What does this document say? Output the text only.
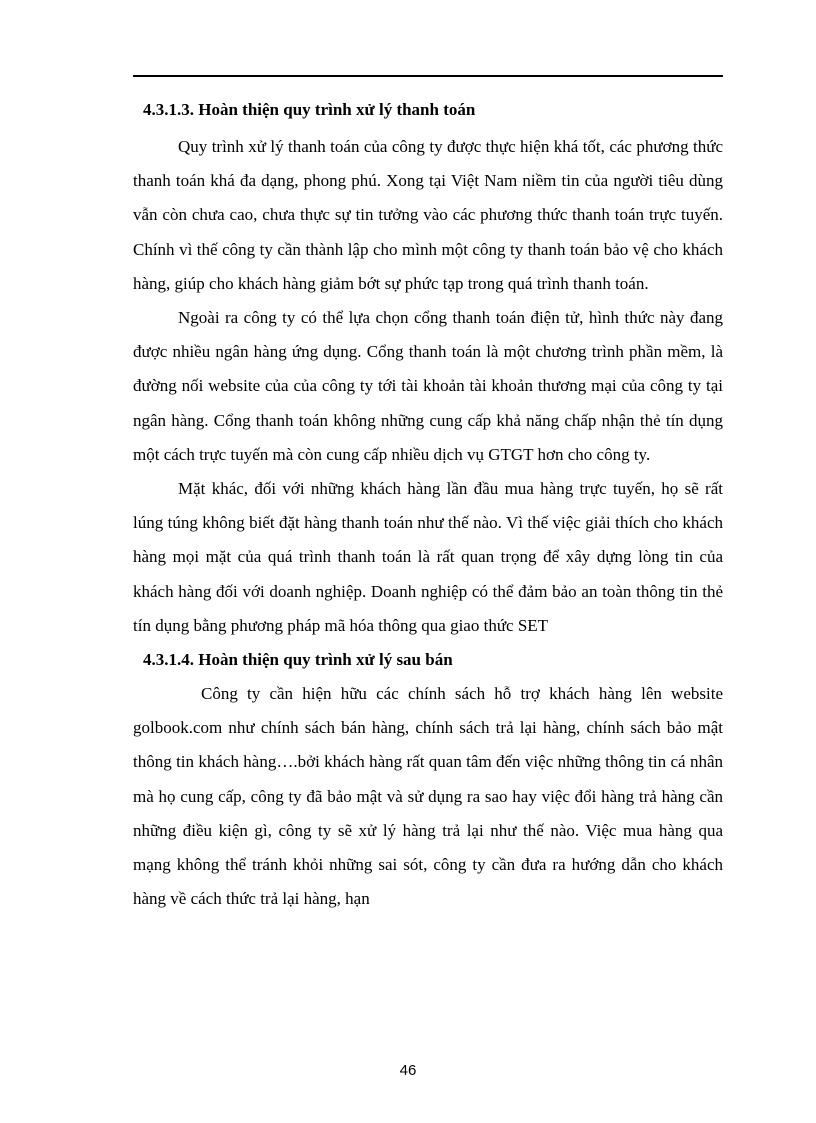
4.3.1.3. Hoàn thiện quy trình xử lý thanh toán

Quy trình xử lý thanh toán của công ty được thực hiện khá tốt, các phương thức thanh toán khá đa dạng, phong phú. Xong tại Việt Nam niềm tin của người tiêu dùng vẫn còn chưa cao, chưa thực sự tin tưởng vào các phương thức thanh toán trực tuyến. Chính vì thế công ty cần thành lập cho mình một công ty thanh toán bảo vệ cho khách hàng, giúp cho khách hàng giảm bớt sự phức tạp trong quá trình thanh toán.

Ngoài ra công ty có thể lựa chọn cổng thanh toán điện tử, hình thức này đang được nhiều ngân hàng ứng dụng. Cổng thanh toán là một chương trình phần mềm, là đường nối website của của công ty tới tài khoản tài khoản thương mại của công ty tại ngân hàng. Cổng thanh toán không những cung cấp khả năng chấp nhận thẻ tín dụng một cách trực tuyến mà còn cung cấp nhiều dịch vụ GTGT hơn cho công ty.

Mặt khác, đối với những khách hàng lần đầu mua hàng trực tuyến, họ sẽ rất lúng túng không biết đặt hàng thanh toán như thế nào. Vì thế việc giải thích cho khách hàng mọi mặt của quá trình thanh toán là rất quan trọng để xây dựng lòng tin của khách hàng đối với doanh nghiệp. Doanh nghiệp có thể đảm bảo an toàn thông tin thẻ tín dụng bằng phương pháp mã hóa thông qua giao thức SET

4.3.1.4. Hoàn thiện quy trình xử lý sau bán

Công ty cần hiện hữu các chính sách hỗ trợ khách hàng lên website golbook.com như chính sách bán hàng, chính sách trả lại hàng, chính sách bảo mật thông tin khách hàng….bởi khách hàng rất quan tâm đến việc những thông tin cá nhân mà họ cung cấp, công ty đã bảo mật và sử dụng ra sao hay việc đổi hàng trả hàng cần những điều kiện gì, công ty sẽ xử lý hàng trả lại như thế nào. Việc mua hàng qua mạng không thể tránh khỏi những sai sót, công ty cần đưa ra hướng dẫn cho khách hàng về cách thức trả lại hàng, hạn

46
